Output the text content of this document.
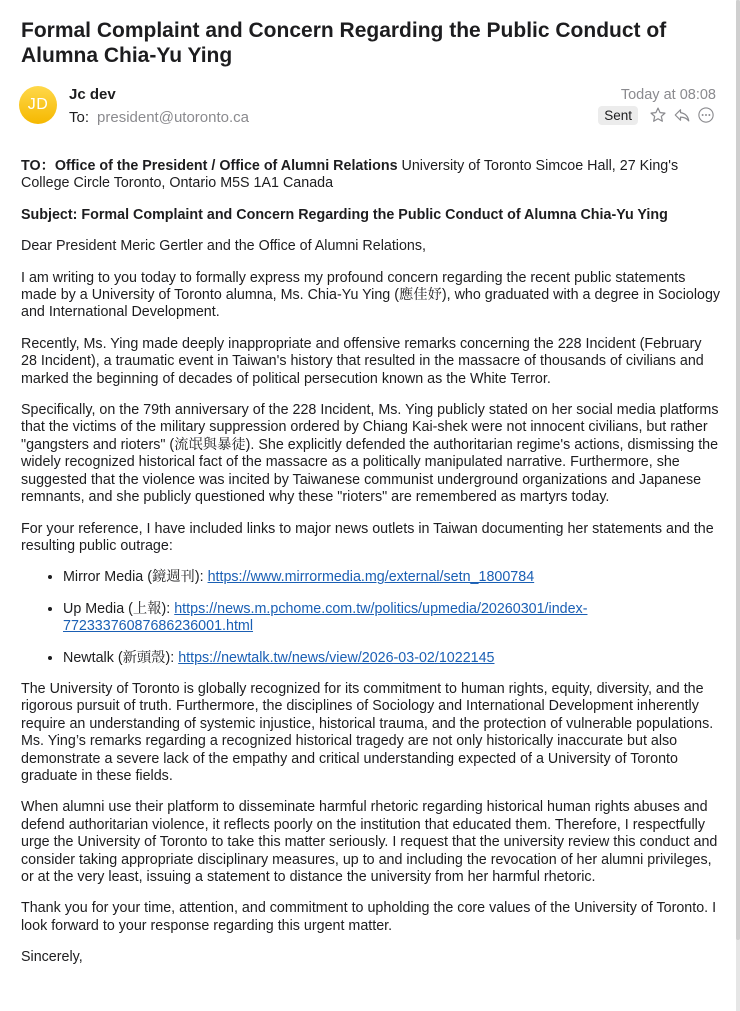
Formal Complaint and Concern Regarding the Public Conduct of Alumna Chia-Yu Ying
JD
Jc dev
To: president@utoronto.ca
Today at 08:08
Sent

TO：Office of the President / Office of Alumni Relations University of Toronto Simcoe Hall, 27 King's College Circle Toronto, Ontario M5S 1A1 Canada

Subject: Formal Complaint and Concern Regarding the Public Conduct of Alumna Chia-Yu Ying

Dear President Meric Gertler and the Office of Alumni Relations,

I am writing to you today to formally express my profound concern regarding the recent public statements made by a University of Toronto alumna, Ms. Chia-Yu Ying (應佳妤), who graduated with a degree in Sociology and International Development.

Recently, Ms. Ying made deeply inappropriate and offensive remarks concerning the 228 Incident (February 28 Incident), a traumatic event in Taiwan's history that resulted in the massacre of thousands of civilians and marked the beginning of decades of political persecution known as the White Terror.

Specifically, on the 79th anniversary of the 228 Incident, Ms. Ying publicly stated on her social media platforms that the victims of the military suppression ordered by Chiang Kai-shek were not innocent civilians, but rather "gangsters and rioters" (流氓與暴徒). She explicitly defended the authoritarian regime's actions, dismissing the widely recognized historical fact of the massacre as a politically manipulated narrative. Furthermore, she suggested that the violence was incited by Taiwanese communist underground organizations and Japanese remnants, and she publicly questioned why these "rioters" are remembered as martyrs today.

For your reference, I have included links to major news outlets in Taiwan documenting her statements and the resulting public outrage:

• Mirror Media (鏡週刊): https://www.mirrormedia.mg/external/setn_1800784
• Up Media (上報): https://news.m.pchome.com.tw/politics/upmedia/20260301/index-77233376087686236001.html
• Newtalk (新頭殼): https://newtalk.tw/news/view/2026-03-02/1022145

The University of Toronto is globally recognized for its commitment to human rights, equity, diversity, and the rigorous pursuit of truth. Furthermore, the disciplines of Sociology and International Development inherently require an understanding of systemic injustice, historical trauma, and the protection of vulnerable populations. Ms. Ying’s remarks regarding a recognized historical tragedy are not only historically inaccurate but also demonstrate a severe lack of the empathy and critical understanding expected of a University of Toronto graduate in these fields.

When alumni use their platform to disseminate harmful rhetoric regarding historical human rights abuses and defend authoritarian violence, it reflects poorly on the institution that educated them. Therefore, I respectfully urge the University of Toronto to take this matter seriously. I request that the university review this conduct and consider taking appropriate disciplinary measures, up to and including the revocation of her alumni privileges, or at the very least, issuing a statement to distance the university from her harmful rhetoric.

Thank you for your time, attention, and commitment to upholding the core values of the University of Toronto. I look forward to your response regarding this urgent matter.

Sincerely,
